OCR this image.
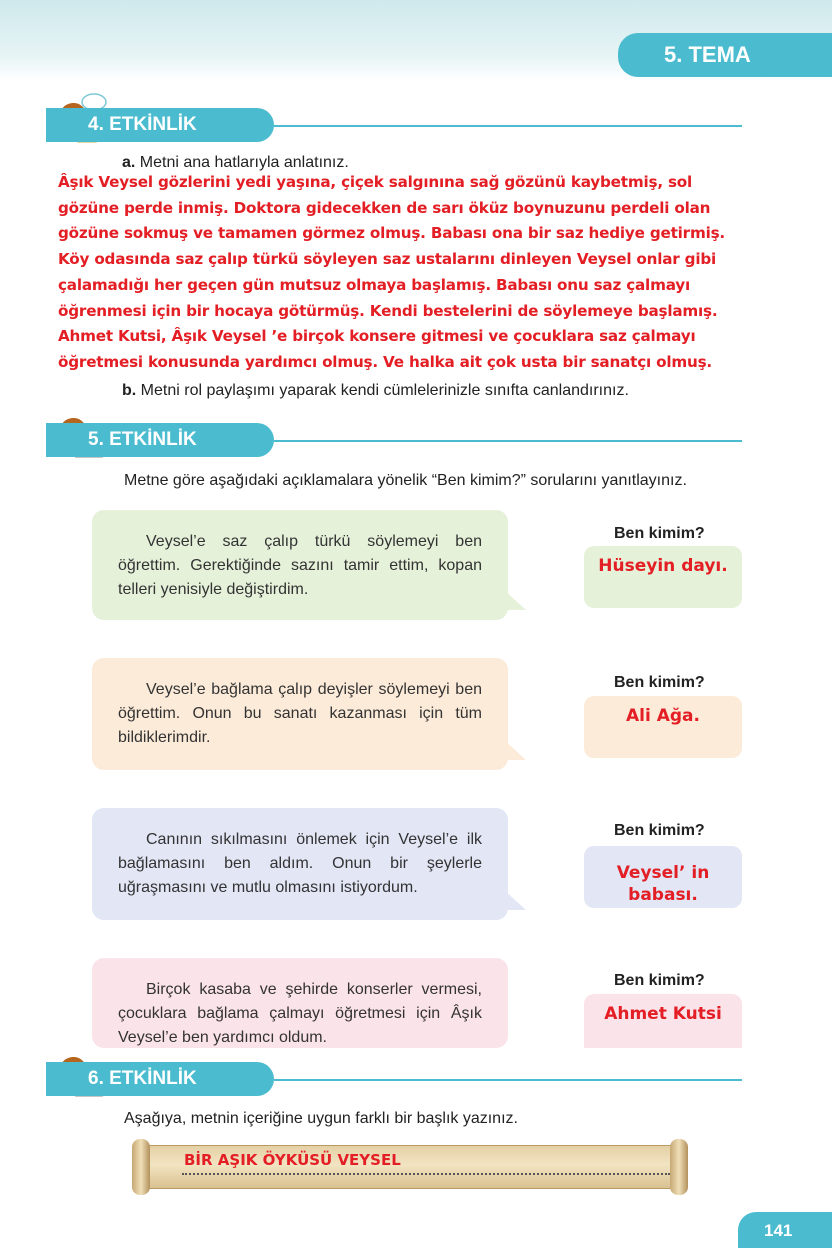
5. TEMA
4. ETKİNLİK
a. Metni ana hatlarıyla anlatınız.
Âşık Veysel gözlerini yedi yaşına, çiçek salgınına sağ gözünü kaybetmiş, sol
gözüne perde inmiş. Doktora gidecekken de sarı öküz boynuzunu perdeli olan
gözüne sokmuş ve tamamen görmez olmuş. Babası ona bir saz hediye getirmiş.
Köy odasında saz çalıp türkü söyleyen saz ustalarını dinleyen Veysel onlar gibi
çalamadığı her geçen gün mutsuz olmaya başlamış. Babası onu saz çalmayı
öğrenmesi için bir hocaya götürmüş. Kendi bestelerini de söylemeye başlamış.
Ahmet Kutsi, Âşık Veysel ’e birçok konsere gitmesi ve çocuklara saz çalmayı
öğretmesi konusunda yardımcı olmuş. Ve halka ait çok usta bir sanatçı olmuş.
b. Metni rol paylaşımı yaparak kendi cümlelerinizle sınıfta canlandırınız.
5. ETKİNLİK
Metne göre aşağıdaki açıklamalara yönelik “Ben kimim?” sorularını yanıtlayınız.

Veysel’e saz çalıp türkü söylemeyi ben öğrettim. Gerektiğinde sazını tamir ettim, kopan telleri yenisiyle değiştirdim.

Ben kimim?
Hüseyin dayı.

Veysel’e bağlama çalıp deyişler söylemeyi ben öğrettim. Onun bu sanatı kazanması için tüm bildiklerimdir.

Ben kimim?
Ali Ağa.

Canının sıkılmasını önlemek için Veysel’e ilk bağlamasını ben aldım. Onun bir şeylerle uğraşmasını ve mutlu olmasını istiyordum.

Ben kimim?
Veysel’ in babası.

Birçok kasaba ve şehirde konserler vermesi, çocuklara bağlama çalmayı öğretmesi için Âşık Veysel’e ben yardımcı oldum.

Ben kimim?
Ahmet Kutsi
6. ETKİNLİK
Aşağıya, metnin içeriğine uygun farklı bir başlık yazınız.
BİR AŞIK ÖYKÜSÜ VEYSEL
141
